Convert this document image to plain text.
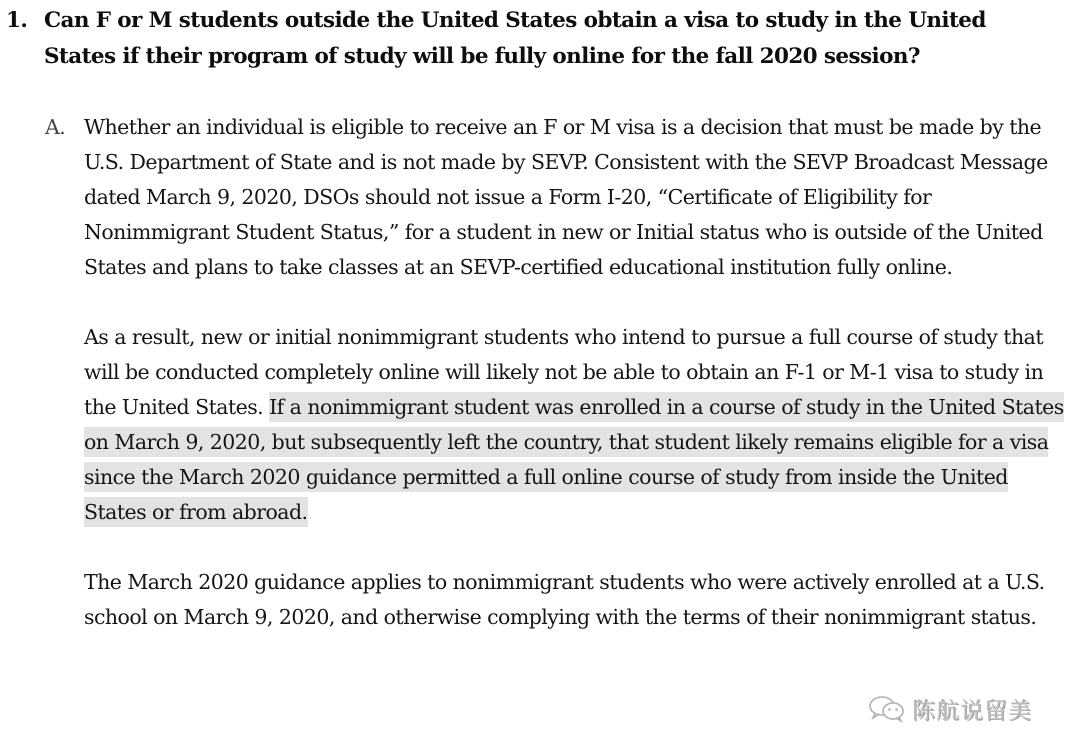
1. Can F or M students outside the United States obtain a visa to study in the United States if their program of study will be fully online for the fall 2020 session?
A. Whether an individual is eligible to receive an F or M visa is a decision that must be made by the U.S. Department of State and is not made by SEVP. Consistent with the SEVP Broadcast Message dated March 9, 2020, DSOs should not issue a Form I-20, “Certificate of Eligibility for Nonimmigrant Student Status,” for a student in new or Initial status who is outside of the United States and plans to take classes at an SEVP-certified educational institution fully online.
As a result, new or initial nonimmigrant students who intend to pursue a full course of study that will be conducted completely online will likely not be able to obtain an F-1 or M-1 visa to study in the United States. If a nonimmigrant student was enrolled in a course of study in the United States on March 9, 2020, but subsequently left the country, that student likely remains eligible for a visa since the March 2020 guidance permitted a full online course of study from inside the United States or from abroad.
The March 2020 guidance applies to nonimmigrant students who were actively enrolled at a U.S. school on March 9, 2020, and otherwise complying with the terms of their nonimmigrant status.
陈航说留美
